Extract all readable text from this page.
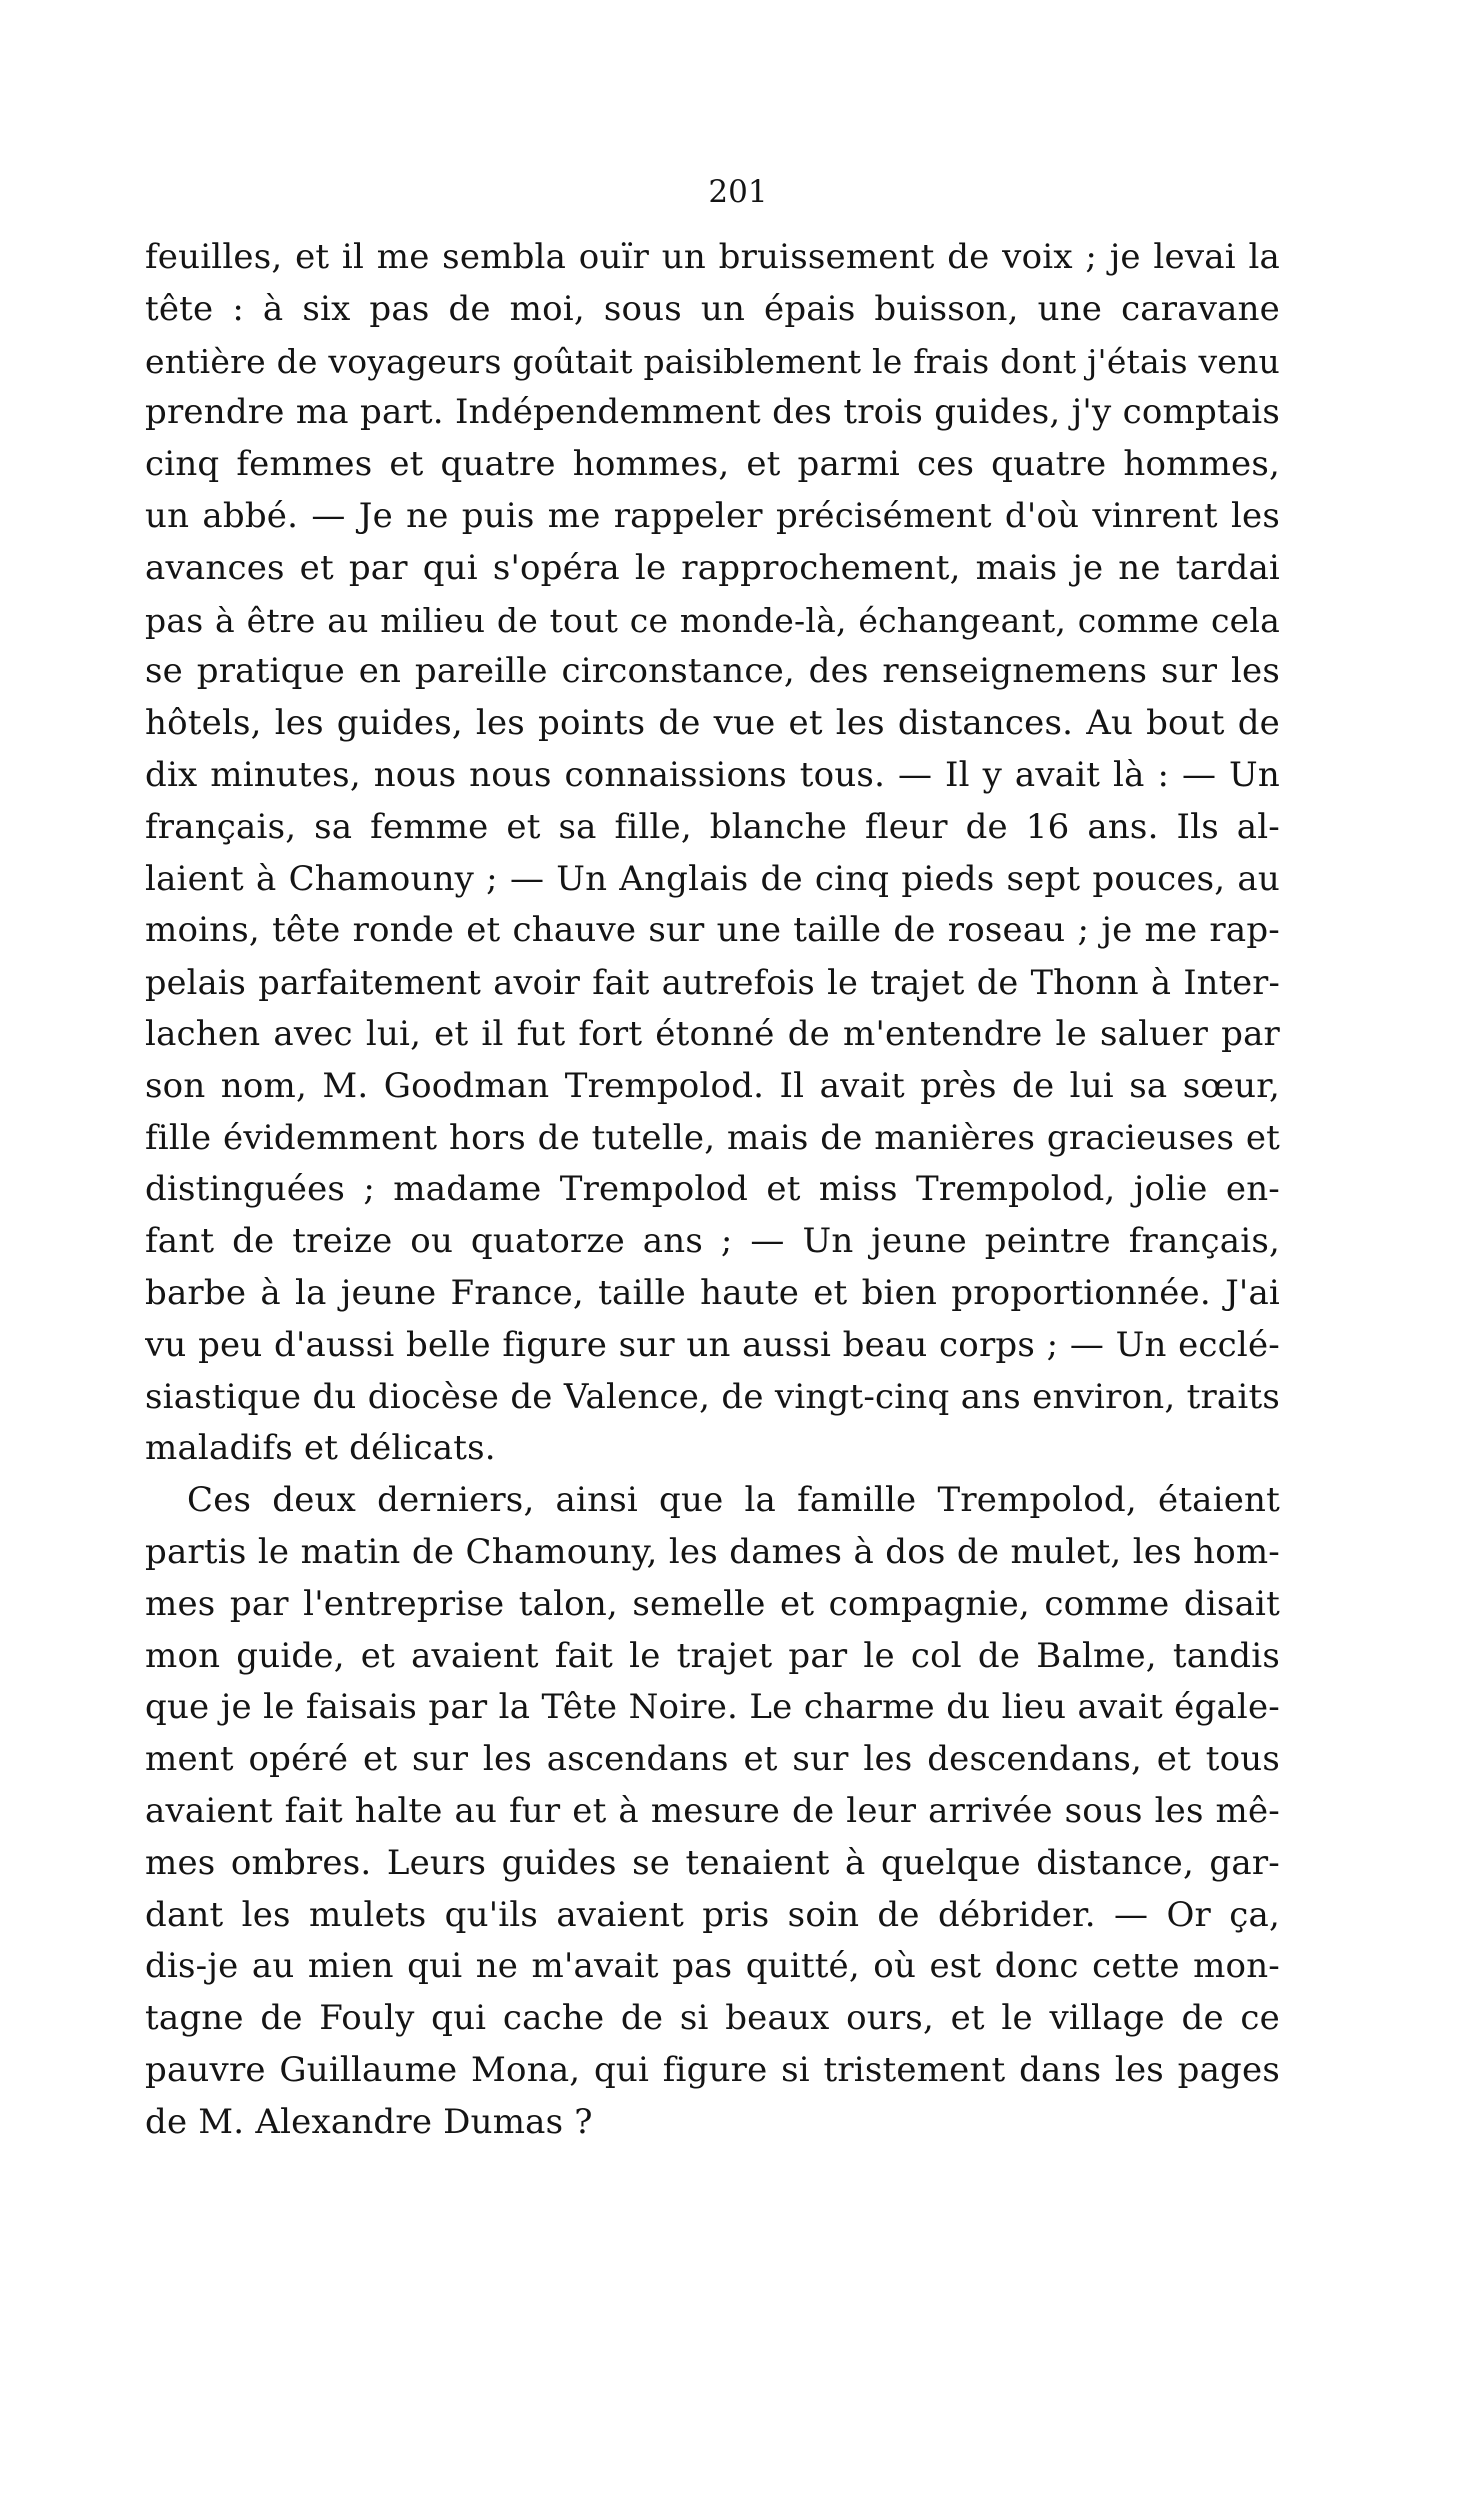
201
feuilles, et il me sembla ouïr un bruissement de voix ; je levai la
tête : à six pas de moi, sous un épais buisson, une caravane
entière de voyageurs goûtait paisiblement le frais dont j'étais venu
prendre ma part. Indépendemment des trois guides, j'y comptais
cinq femmes et quatre hommes, et parmi ces quatre hommes,
un abbé. — Je ne puis me rappeler précisément d'où vinrent les
avances et par qui s'opéra le rapprochement, mais je ne tardai
pas à être au milieu de tout ce monde-là, échangeant, comme cela
se pratique en pareille circonstance, des renseignemens sur les
hôtels, les guides, les points de vue et les distances. Au bout de
dix minutes, nous nous connaissions tous. — Il y avait là : — Un
français, sa femme et sa fille, blanche fleur de 16 ans. Ils al-
laient à Chamouny ; — Un Anglais de cinq pieds sept pouces, au
moins, tête ronde et chauve sur une taille de roseau ; je me rap-
pelais parfaitement avoir fait autrefois le trajet de Thonn à Inter-
lachen avec lui, et il fut fort étonné de m'entendre le saluer par
son nom, M. Goodman Trempolod. Il avait près de lui sa sœur,
fille évidemment hors de tutelle, mais de manières gracieuses et
distinguées ; madame Trempolod et miss Trempolod, jolie en-
fant de treize ou quatorze ans ; — Un jeune peintre français,
barbe à la jeune France, taille haute et bien proportionnée. J'ai
vu peu d'aussi belle figure sur un aussi beau corps ; — Un ecclé-
siastique du diocèse de Valence, de vingt-cinq ans environ, traits
maladifs et délicats.
Ces deux derniers, ainsi que la famille Trempolod, étaient
partis le matin de Chamouny, les dames à dos de mulet, les hom-
mes par l'entreprise talon, semelle et compagnie, comme disait
mon guide, et avaient fait le trajet par le col de Balme, tandis
que je le faisais par la Tête Noire. Le charme du lieu avait égale-
ment opéré et sur les ascendans et sur les descendans, et tous
avaient fait halte au fur et à mesure de leur arrivée sous les mê-
mes ombres. Leurs guides se tenaient à quelque distance, gar-
dant les mulets qu'ils avaient pris soin de débrider. — Or ça,
dis-je au mien qui ne m'avait pas quitté, où est donc cette mon-
tagne de Fouly qui cache de si beaux ours, et le village de ce
pauvre Guillaume Mona, qui figure si tristement dans les pages
de M. Alexandre Dumas ?
